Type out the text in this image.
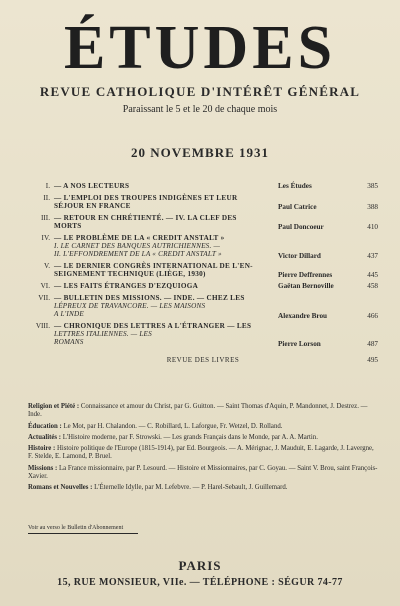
ÉTUDES
REVUE CATHOLIQUE D'INTÉRÊT GÉNÉRAL
Paraissant le 5 et le 20 de chaque mois
20 NOVEMBRE 1931
I. — A NOS LECTEURS	Les Études	385
II. — L'EMPLOI DES TROUPES INDIGÈNES ET LEUR
SÉJOUR EN FRANCE	Paul Catrice	388
III. — RETOUR EN CHRÉTIENTÉ. — IV. LA CLEF DES
MORTS	Paul Doncoeur	410
IV. — LE PROBLÈME DE LA « CREDIT ANSTALT »
I. LE CARNET DES BANQUES AUTRICHIENNES. —
II. L'EFFONDREMENT DE LA « CREDIT ANSTALT »	Victor Dillard	437
V. — LE DERNIER CONGRÈS INTERNATIONAL DE L'EN-
SEIGNEMENT TECHNIQUE (LIÈGE, 1930)	Pierre Deffrennes	445
VI. — LES FAITS ÉTRANGES D'EZQUIOGA	Gaëtan Bernoville	458
VII. — BULLETIN DES MISSIONS. — INDE. — CHEZ LES
LÉPREUX DE TRAVANCORE. — LES MAISONS
A L'INDE	Alexandre Brou	466
VIII. — CHRONIQUE DES LETTRES A L'ÉTRANGER — LES
LETTRES ITALIENNES. — LES
ROMANS	Pierre Lorson	487
REVUE DES LIVRES	495
Religion et Piété : Connaissance et amour du Christ, par G. Guitton. — Saint Thomas d'Aquin, P. Mandonnet, J. Destrez. — Inde.
Éducation : Le Mot, par H. Chalandon. — C. Robillard, L. Laforgue, Fr. Wetzel, D. Rolland.
Actualités : L'Histoire moderne, par F. Strowski. — Les grands Français dans le Monde, par A. A. Martin.
Histoire : Histoire politique de l'Europe (1815-1914), par Ed. Bourgeois. — A. Mérignac, J. Mauduit, E. Lagarde, J. Lavergne, F. Stelde, E. Lamond, P. Bruel.
Missions : La France missionnaire, par P. Lesourd. — Histoire et Missionnaires, par C. Goyau. — Saint V. Brou, saint François-Xavier.
Romans et Nouvelles : L'Éternelle Idylle, par M. Lefebvre. — P. Harel-Sebault, J. Guillemard.
Voir au verso le Bulletin d'Abonnement
PARIS
15, RUE MONSIEUR, VIIe. — TÉLÉPHONE : SÉGUR 74-77
